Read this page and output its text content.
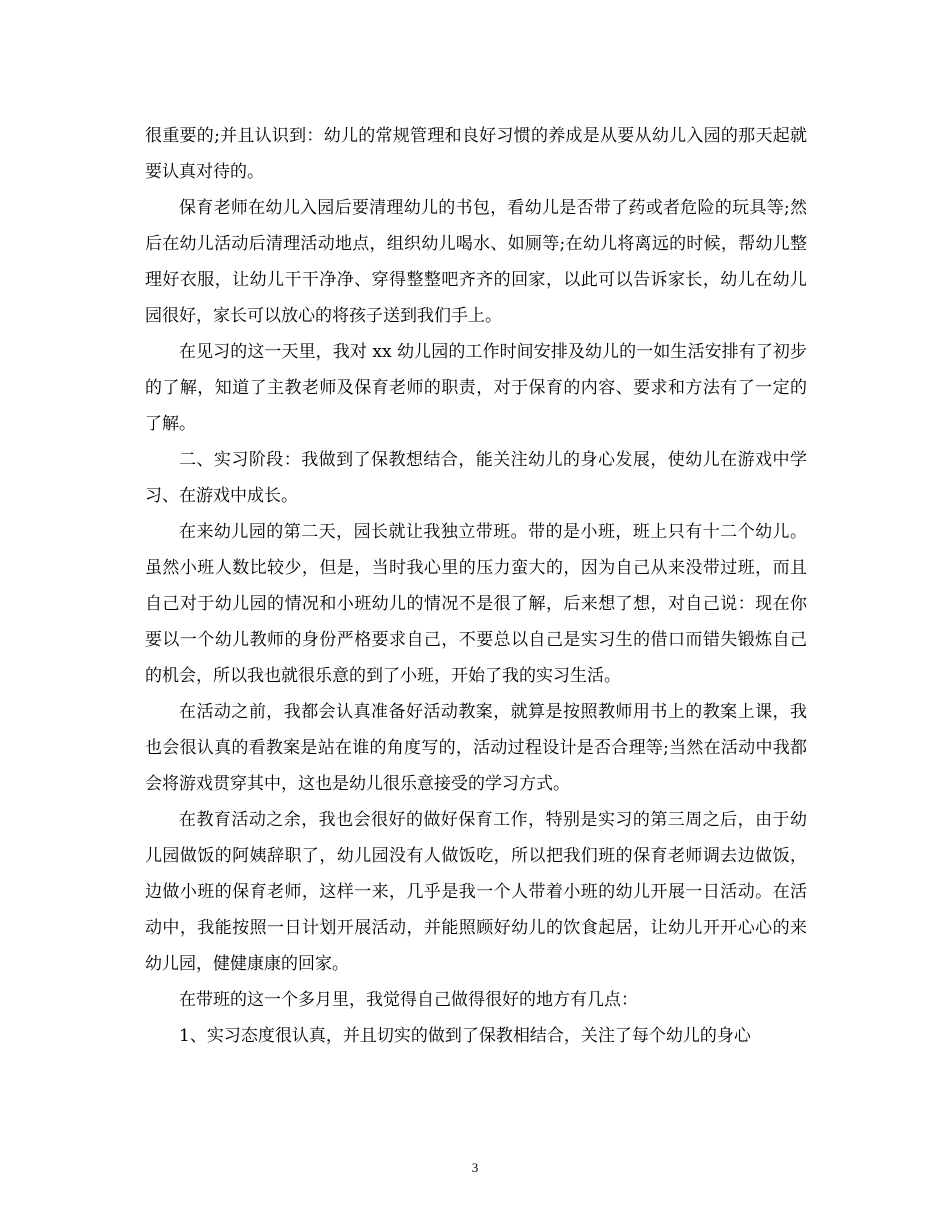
很重要的;并且认识到：幼儿的常规管理和良好习惯的养成是从要从幼儿入园的那天起就要认真对待的。

保育老师在幼儿入园后要清理幼儿的书包，看幼儿是否带了药或者危险的玩具等;然后在幼儿活动后清理活动地点，组织幼儿喝水、如厕等;在幼儿将离远的时候，帮幼儿整理好衣服，让幼儿干干净净、穿得整整吧齐齐的回家，以此可以告诉家长，幼儿在幼儿园很好，家长可以放心的将孩子送到我们手上。

在见习的这一天里，我对 xx 幼儿园的工作时间安排及幼儿的一如生活安排有了初步的了解，知道了主教老师及保育老师的职责，对于保育的内容、要求和方法有了一定的了解。

二、实习阶段：我做到了保教想结合，能关注幼儿的身心发展，使幼儿在游戏中学习、在游戏中成长。

在来幼儿园的第二天，园长就让我独立带班。带的是小班，班上只有十二个幼儿。虽然小班人数比较少，但是，当时我心里的压力蛮大的，因为自己从来没带过班，而且自己对于幼儿园的情况和小班幼儿的情况不是很了解，后来想了想，对自己说：现在你要以一个幼儿教师的身份严格要求自己，不要总以自己是实习生的借口而错失锻炼自己的机会，所以我也就很乐意的到了小班，开始了我的实习生活。

在活动之前，我都会认真准备好活动教案，就算是按照教师用书上的教案上课，我也会很认真的看教案是站在谁的角度写的，活动过程设计是否合理等;当然在活动中我都会将游戏贯穿其中，这也是幼儿很乐意接受的学习方式。

在教育活动之余，我也会很好的做好保育工作，特别是实习的第三周之后，由于幼儿园做饭的阿姨辞职了，幼儿园没有人做饭吃，所以把我们班的保育老师调去边做饭，边做小班的保育老师，这样一来，几乎是我一个人带着小班的幼儿开展一日活动。在活动中，我能按照一日计划开展活动，并能照顾好幼儿的饮食起居，让幼儿开开心心的来幼儿园，健健康康的回家。

在带班的这一个多月里，我觉得自己做得很好的地方有几点：

1、实习态度很认真，并且切实的做到了保教相结合，关注了每个幼儿的身心

3
